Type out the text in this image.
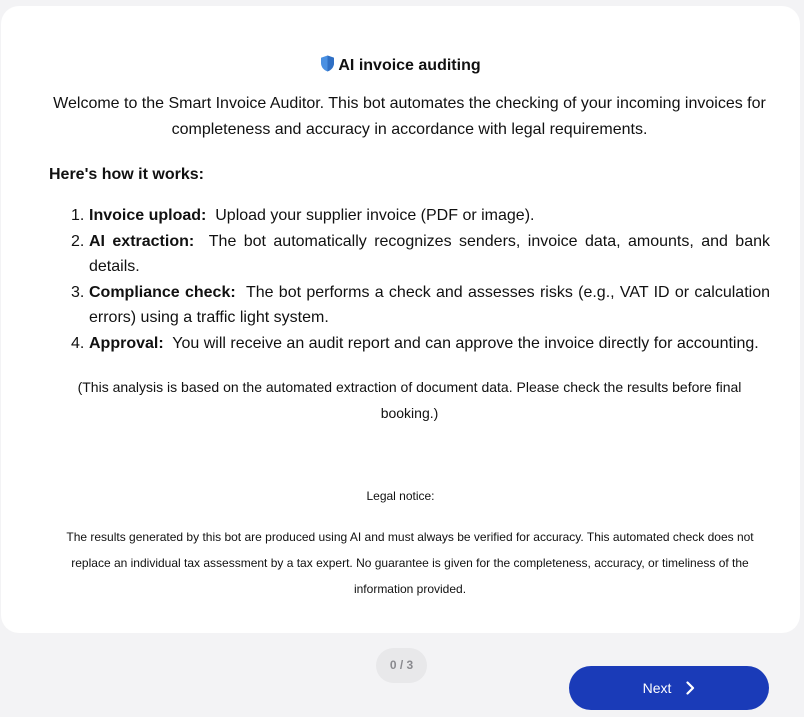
AI invoice auditing
Welcome to the Smart Invoice Auditor. This bot automates the checking of your incoming invoices for completeness and accuracy in accordance with legal requirements.
Here's how it works:
1. Invoice upload: Upload your supplier invoice (PDF or image).
2. AI extraction: The bot automatically recognizes senders, invoice data, amounts, and bank details.
3. Compliance check: The bot performs a check and assesses risks (e.g., VAT ID or calculation errors) using a traffic light system.
4. Approval: You will receive an audit report and can approve the invoice directly for accounting.
(This analysis is based on the automated extraction of document data. Please check the results before final booking.)
Legal notice:
The results generated by this bot are produced using AI and must always be verified for accuracy. This automated check does not replace an individual tax assessment by a tax expert. No guarantee is given for the completeness, accuracy, or timeliness of the information provided.
0 / 3
Next
